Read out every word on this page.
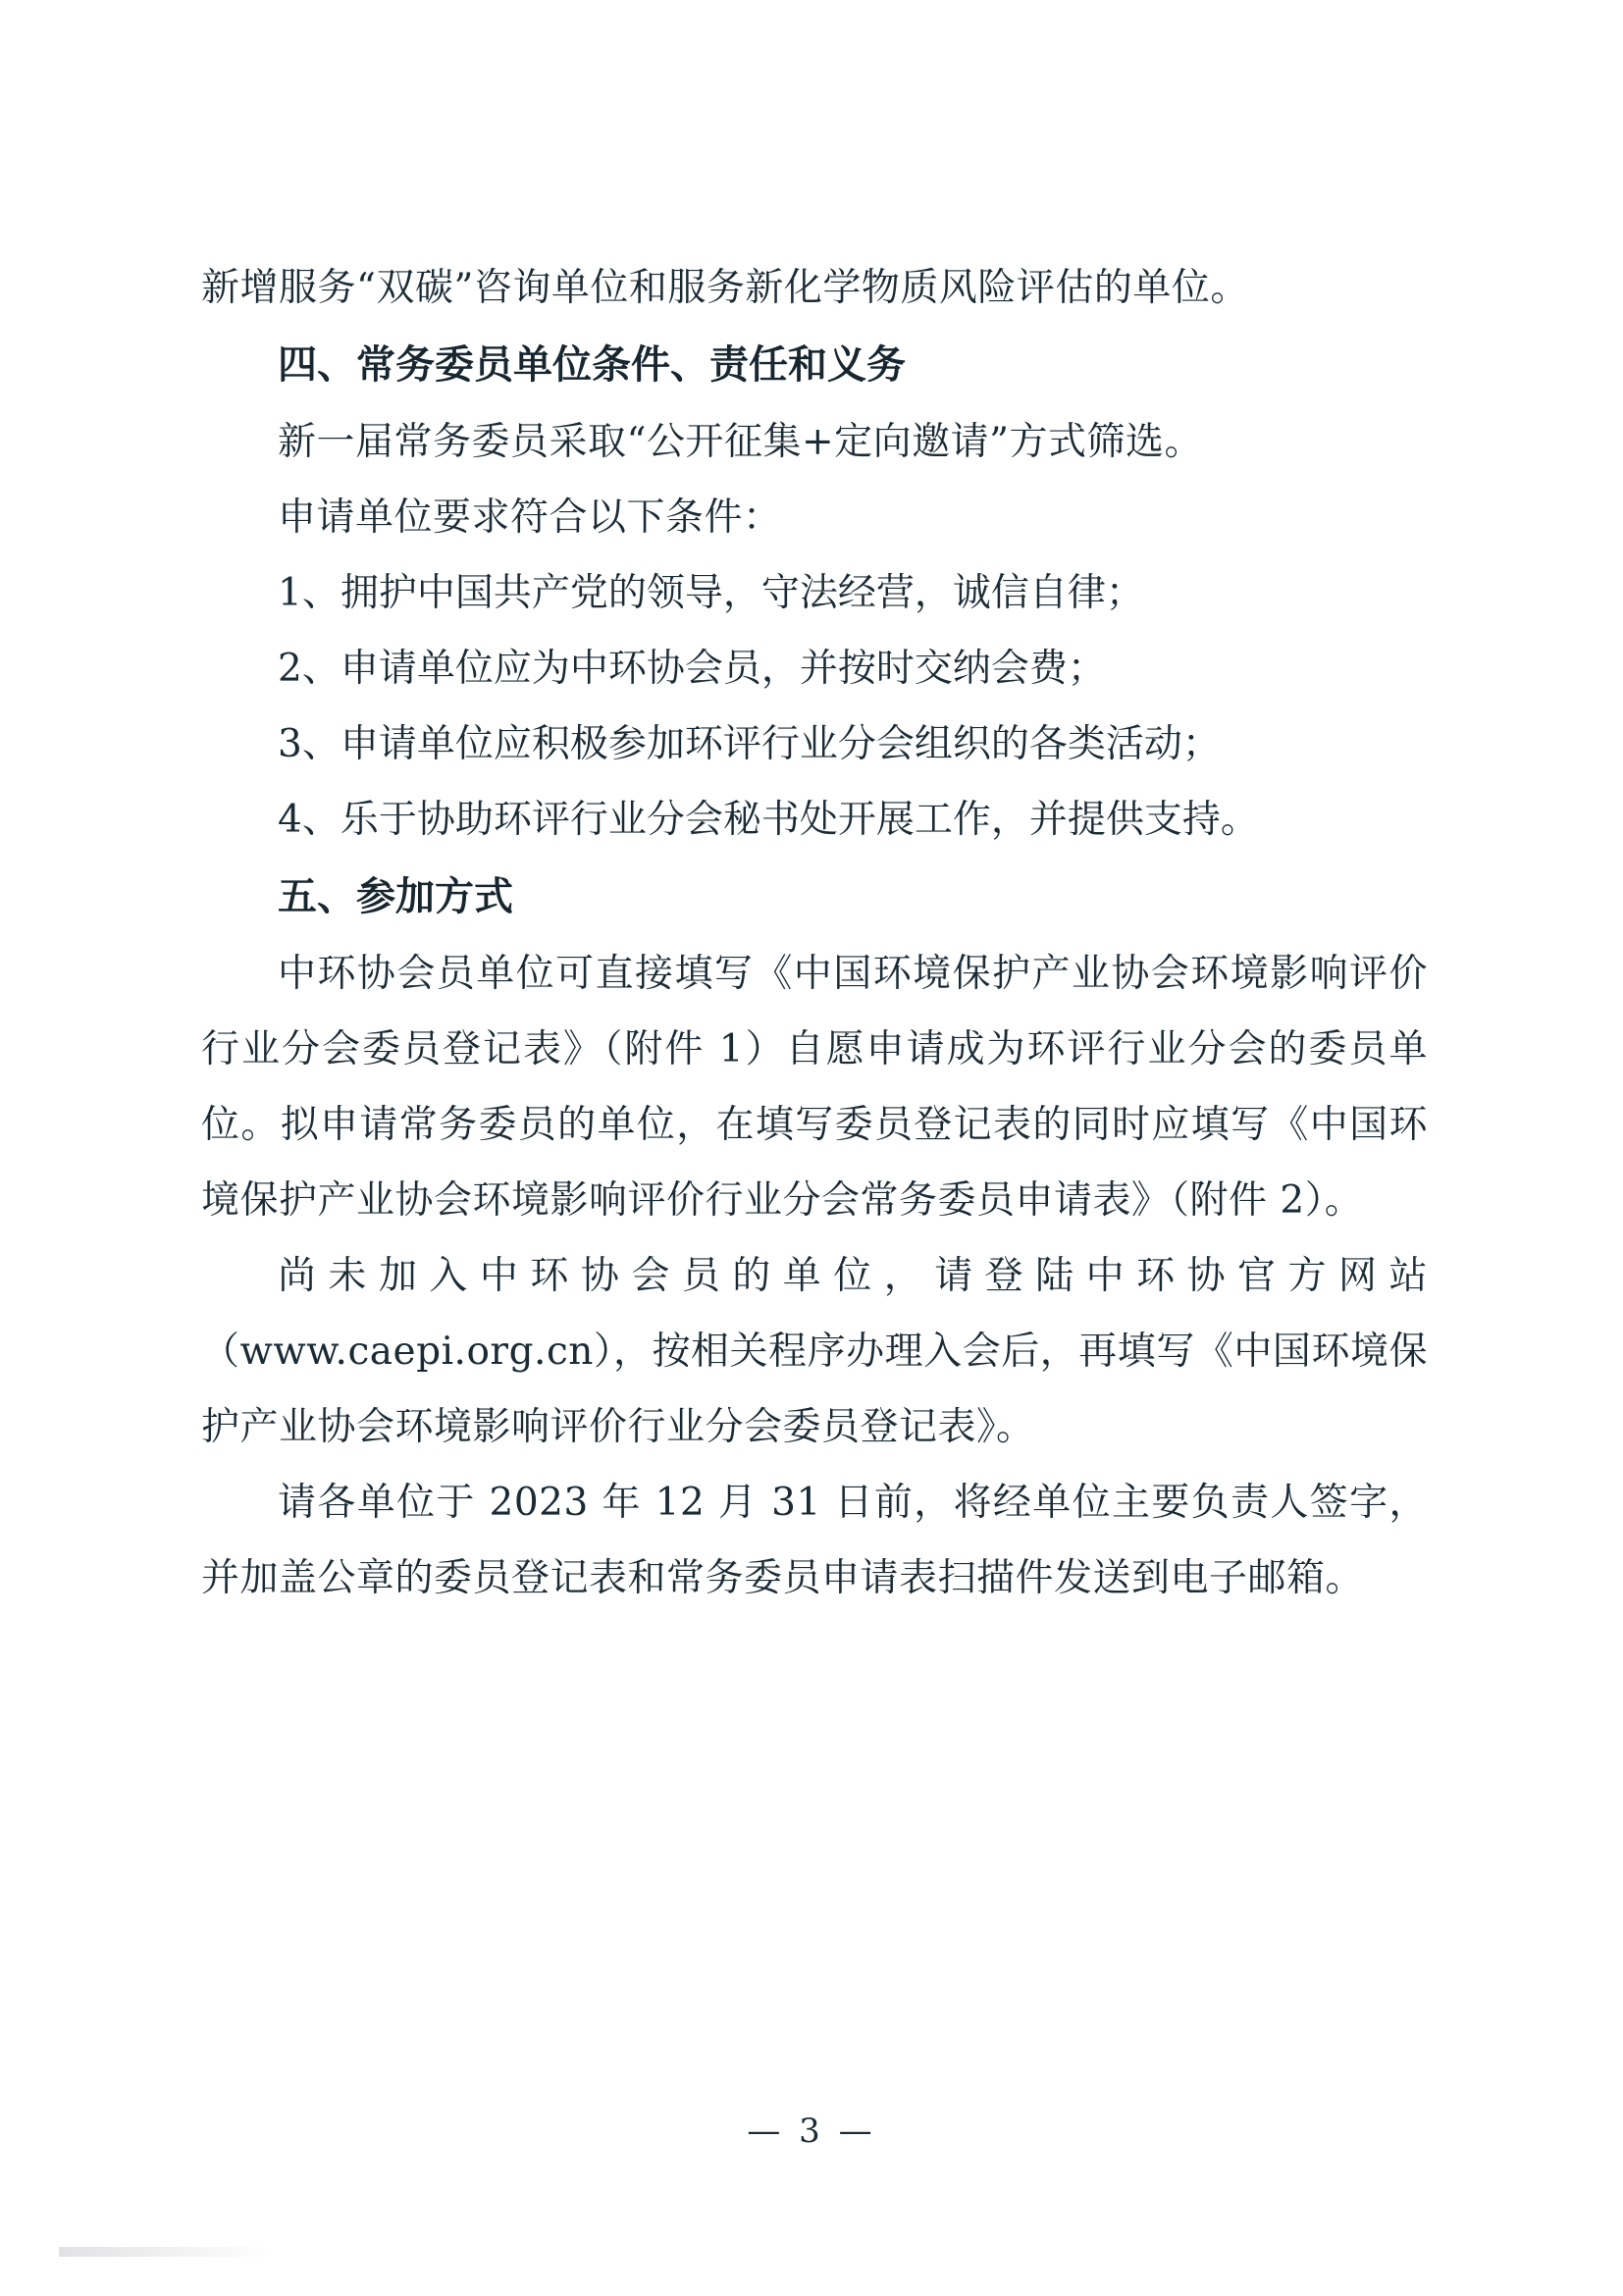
新增服务“双碳”咨询单位和服务新化学物质风险评估的单位。

四、常务委员单位条件、责任和义务

新一届常务委员采取“公开征集+定向邀请”方式筛选。

申请单位要求符合以下条件：

1、拥护中国共产党的领导，守法经营，诚信自律；

2、申请单位应为中环协会员，并按时交纳会费；

3、申请单位应积极参加环评行业分会组织的各类活动；

4、乐于协助环评行业分会秘书处开展工作，并提供支持。

五、参加方式

中环协会员单位可直接填写《中国环境保护产业协会环境影响评价行业分会委员登记表》（附件 1）自愿申请成为环评行业分会的委员单位。拟申请常务委员的单位，在填写委员登记表的同时应填写《中国环境保护产业协会环境影响评价行业分会常务委员申请表》（附件 2）。

尚未加入中环协会员的单位，请登陆中环协官方网站（www.caepi.org.cn），按相关程序办理入会后，再填写《中国环境保护产业协会环境影响评价行业分会委员登记表》。

请各单位于 2023 年 12 月 31 日前，将经单位主要负责人签字，并加盖公章的委员登记表和常务委员申请表扫描件发送到电子邮箱。

— 3 —
